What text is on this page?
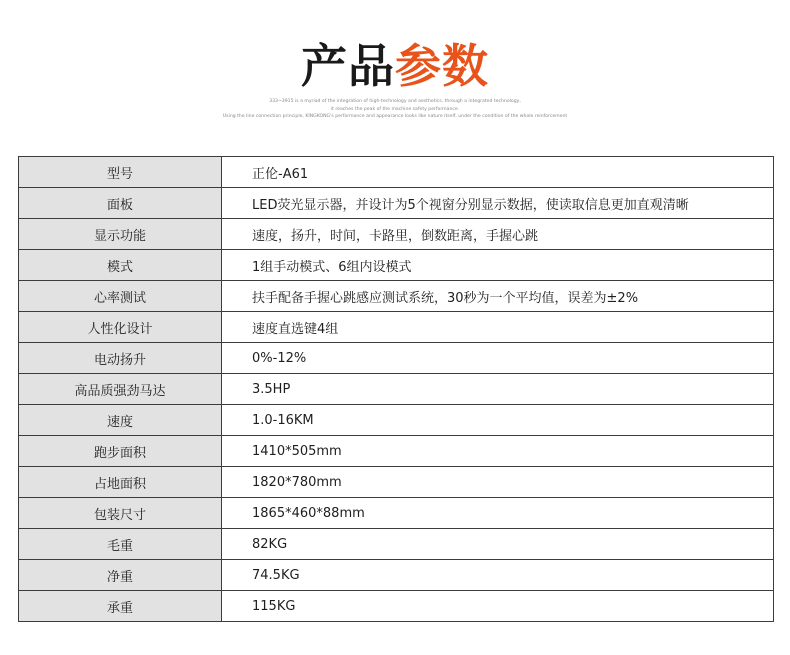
产品参数
333~3915 is a myriad of the integration of high-technology and aesthetics, through a integrated technology,
it reaches the peak of the machine safety performance.
Using the line connection principle, KINGKONG's performance and appearance looks like nature itself, under the condition of the whole reinforcement
型号	正伦-A61
面板	LED荧光显示器，并设计为5个视窗分别显示数据，使读取信息更加直观清晰
显示功能	速度，扬升，时间，卡路里，倒数距离，手握心跳
模式	1组手动模式、6组内设模式
心率测试	扶手配备手握心跳感应测试系统，30秒为一个平均值，误差为±2%
人性化设计	速度直选键4组
电动扬升	0%-12%
高品质强劲马达	3.5HP
速度	1.0-16KM
跑步面积	1410*505mm
占地面积	1820*780mm
包装尺寸	1865*460*88mm
毛重	82KG
净重	74.5KG
承重	115KG
